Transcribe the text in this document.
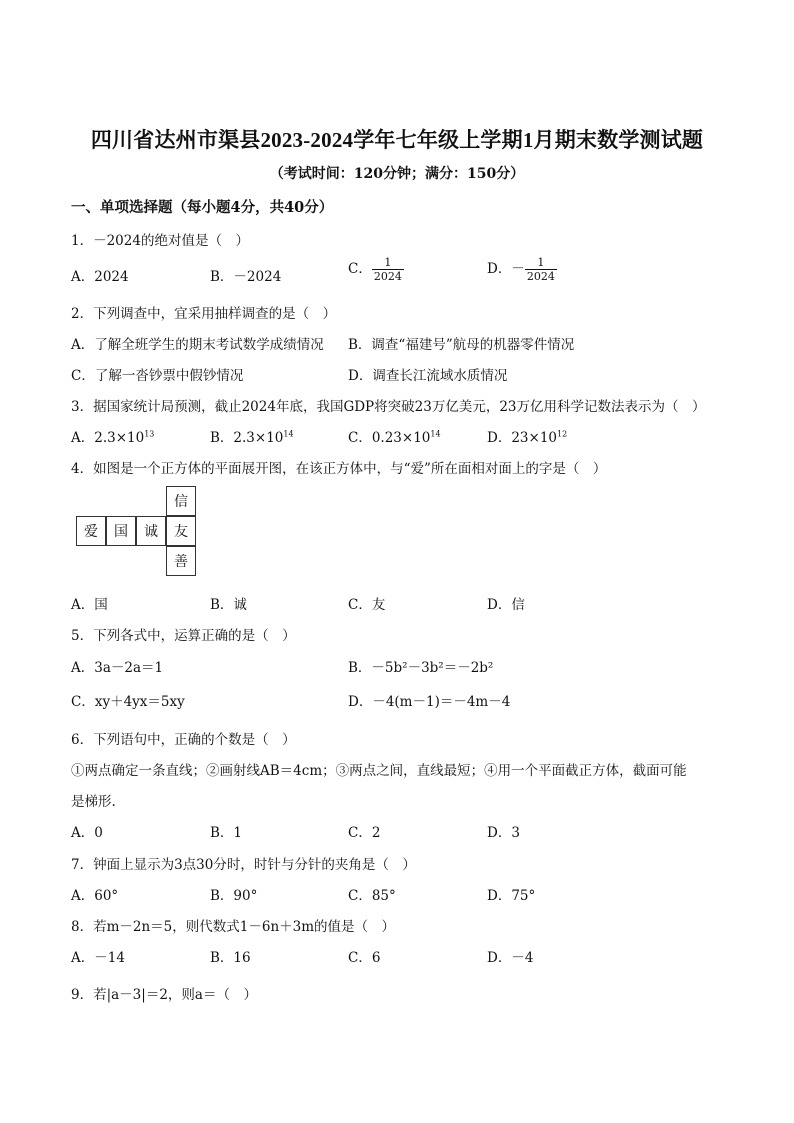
四川省达州市渠县2023-2024学年七年级上学期1月期末数学测试题
（考试时间：120分钟；满分：150分）
一、单项选择题（每小题4分，共40分）
1．－2024的绝对值是（　）
A．2024	B．－2024	C． $\frac{1}{2024}$	D．－ $\frac{1}{2024}$
2．下列调查中，宜采用抽样调查的是（　）
A．了解全班学生的期末考试数学成绩情况 B．调查“福建号”航母的机器零件情况
C．了解一沓钞票中假钞情况	D．调查长江流域水质情况
3．据国家统计局预测，截止2024年底，我国GDP将突破23万亿美元，23万亿用科学记数法表示为（　）
A．$2.3\times 10^{13}$	B．$2.3\times 10^{14}$	C．$0.23\times 10^{14}$	D．$23\times 10^{12}$
4．如图是一个正方体的平面展开图，在该正方体中，与“爱”所在面相对面上的字是（　）
爱	国	诚	友
信
善
A．国	B．诚	C．友	D．信
5．下列各式中，运算正确的是（　）
A．3a－2a＝1	B．－5b²－3b²＝－2b²
C．xy＋4yx＝5xy	D．－4(m－1)＝－4m－4
6．下列语句中，正确的个数是（　）
①两点确定一条直线；②画射线AB＝4cm；③两点之间，直线最短；④用一个平面截正方体，截面可能
是梯形.
A．0	B．1	C．2	D．3
7．钟面上显示为3点30分时，时针与分针的夹角是（　）
A．60°	B．90°	C．85°	D．75°
8．若m－2n＝5，则代数式1－6n＋3m的值是（　）
A．－14	B．16	C．6	D．－4
9．若|a－3|＝2，则a＝（　）
